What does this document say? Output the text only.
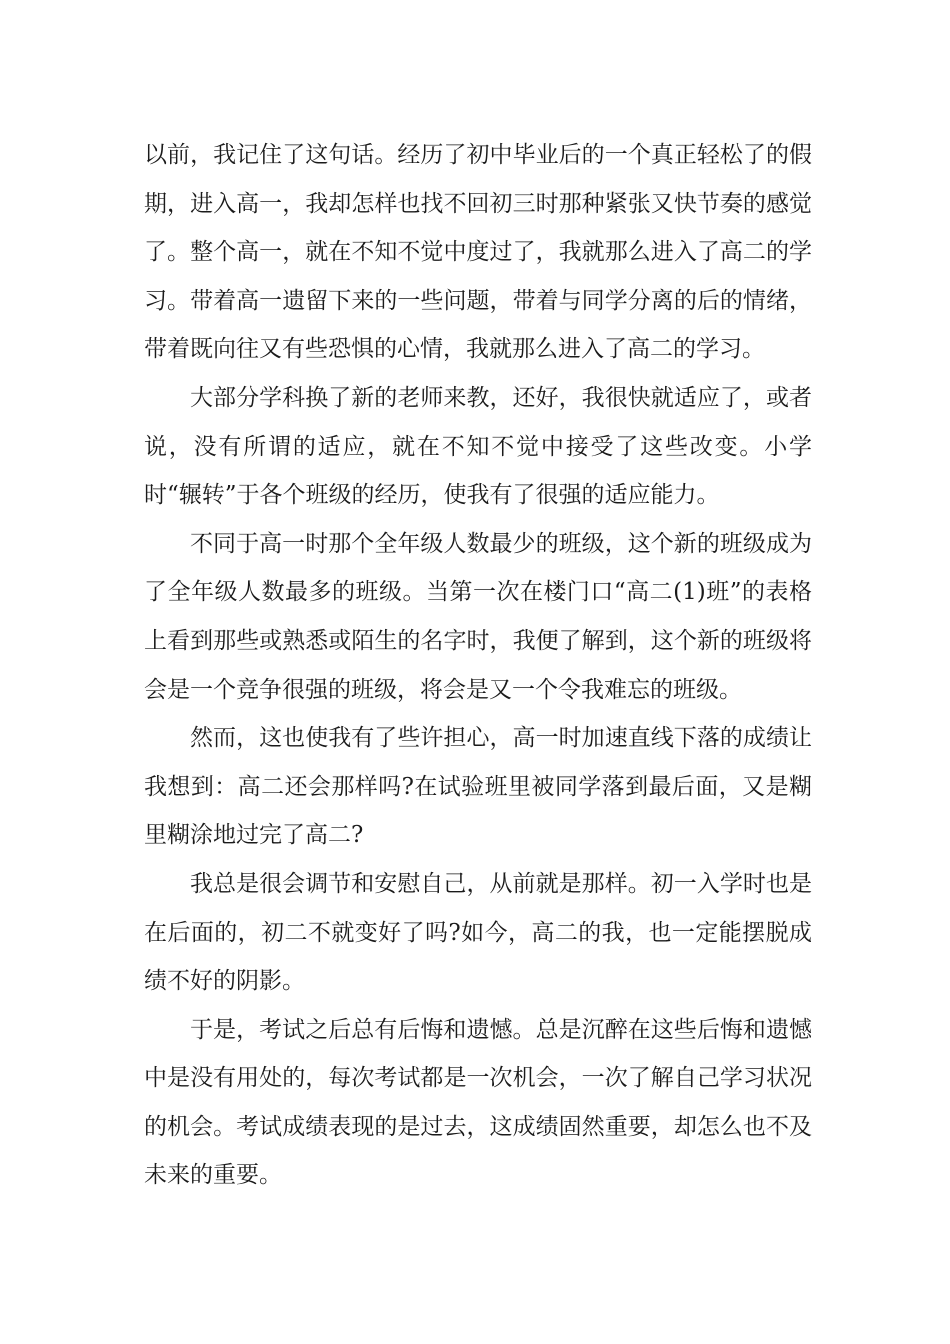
以前，我记住了这句话。经历了初中毕业后的一个真正轻松了的假期，进入高一，我却怎样也找不回初三时那种紧张又快节奏的感觉了。整个高一，就在不知不觉中度过了，我就那么进入了高二的学习。带着高一遗留下来的一些问题，带着与同学分离的后的情绪，带着既向往又有些恐惧的心情，我就那么进入了高二的学习。

大部分学科换了新的老师来教，还好，我很快就适应了，或者说，没有所谓的适应，就在不知不觉中接受了这些改变。小学时“辗转”于各个班级的经历，使我有了很强的适应能力。

不同于高一时那个全年级人数最少的班级，这个新的班级成为了全年级人数最多的班级。当第一次在楼门口“高二(1)班”的表格上看到那些或熟悉或陌生的名字时，我便了解到，这个新的班级将会是一个竞争很强的班级，将会是又一个令我难忘的班级。

然而，这也使我有了些许担心，高一时加速直线下落的成绩让我想到：高二还会那样吗?在试验班里被同学落到最后面，又是糊里糊涂地过完了高二?

我总是很会调节和安慰自己，从前就是那样。初一入学时也是在后面的，初二不就变好了吗?如今，高二的我，也一定能摆脱成绩不好的阴影。

于是，考试之后总有后悔和遗憾。总是沉醉在这些后悔和遗憾中是没有用处的，每次考试都是一次机会，一次了解自己学习状况的机会。考试成绩表现的是过去，这成绩固然重要，却怎么也不及未来的重要。
